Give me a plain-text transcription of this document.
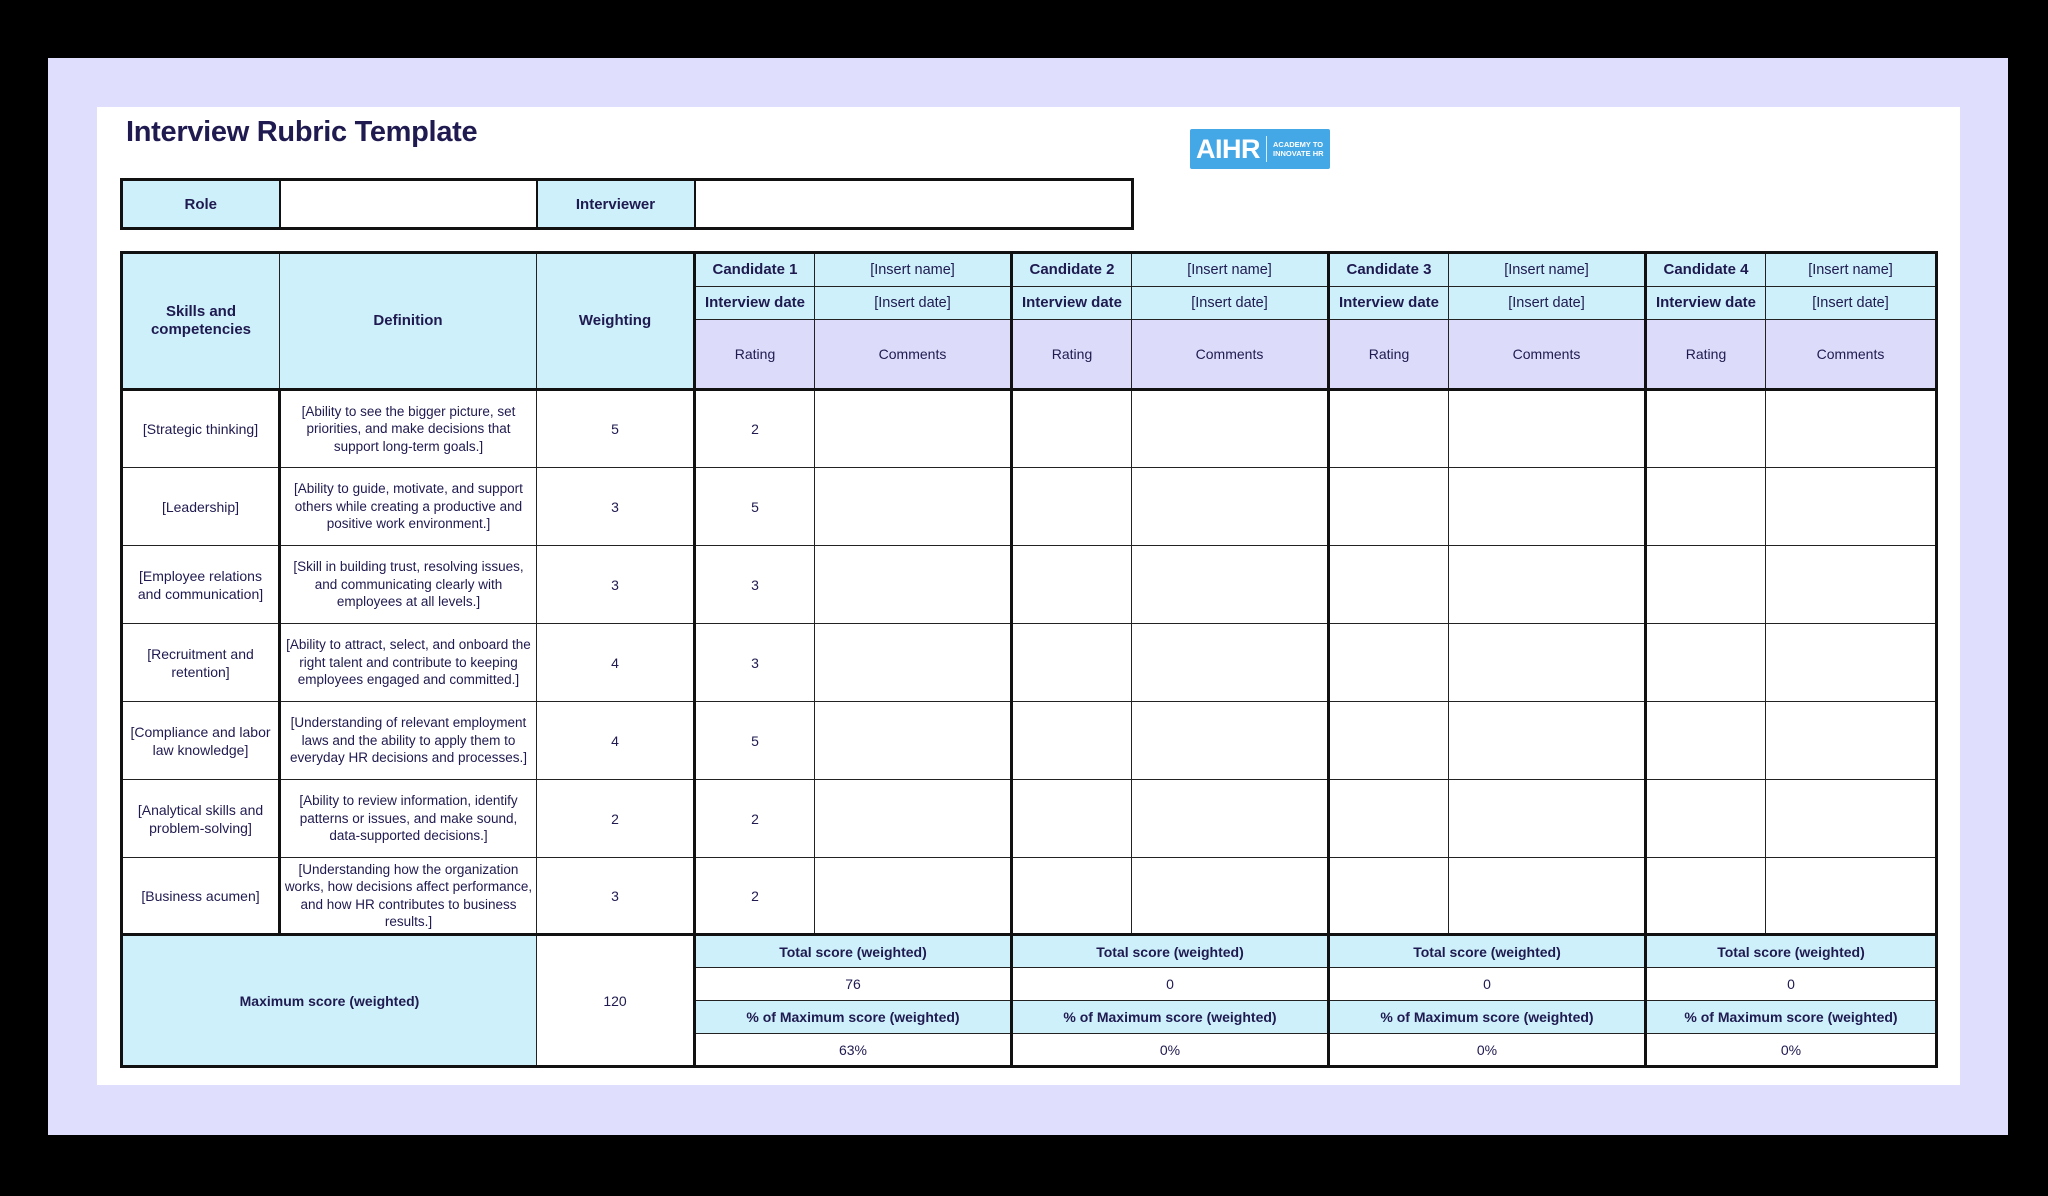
Interview Rubric Template
AIHR ACADEMY TO
INNOVATE HR
Role		Interviewer	
Skills and competencies	Definition	Weighting	Candidate 1	[Insert name]	Candidate 2	[Insert name]	Candidate 3	[Insert name]	Candidate 4	[Insert name]
			Interview date	[Insert date]	Interview date	[Insert date]	Interview date	[Insert date]	Interview date	[Insert date]
			Rating	Comments	Rating	Comments	Rating	Comments	Rating	Comments
[Strategic thinking]	[Ability to see the bigger picture, set priorities, and make decisions that support long-term goals.]	5	2							
[Leadership]	[Ability to guide, motivate, and support others while creating a productive and positive work environment.]	3	5							
[Employee relations and communication]	[Skill in building trust, resolving issues, and communicating clearly with employees at all levels.]	3	3							
[Recruitment and retention]	[Ability to attract, select, and onboard the right talent and contribute to keeping employees engaged and committed.]	4	3							
[Compliance and labor law knowledge]	[Understanding of relevant employment laws and the ability to apply them to everyday HR decisions and processes.]	4	5							
[Analytical skills and problem-solving]	[Ability to review information, identify patterns or issues, and make sound, data-supported decisions.]	2	2							
[Business acumen]	[Understanding how the organization works, how decisions affect performance, and how HR contributes to business results.]	3	2							
Maximum score (weighted)		120	Total score (weighted)		Total score (weighted)		Total score (weighted)		Total score (weighted)	
			76		0		0		0	
			% of Maximum score (weighted)		% of Maximum score (weighted)		% of Maximum score (weighted)		% of Maximum score (weighted)	
			63%		0%		0%		0%	
